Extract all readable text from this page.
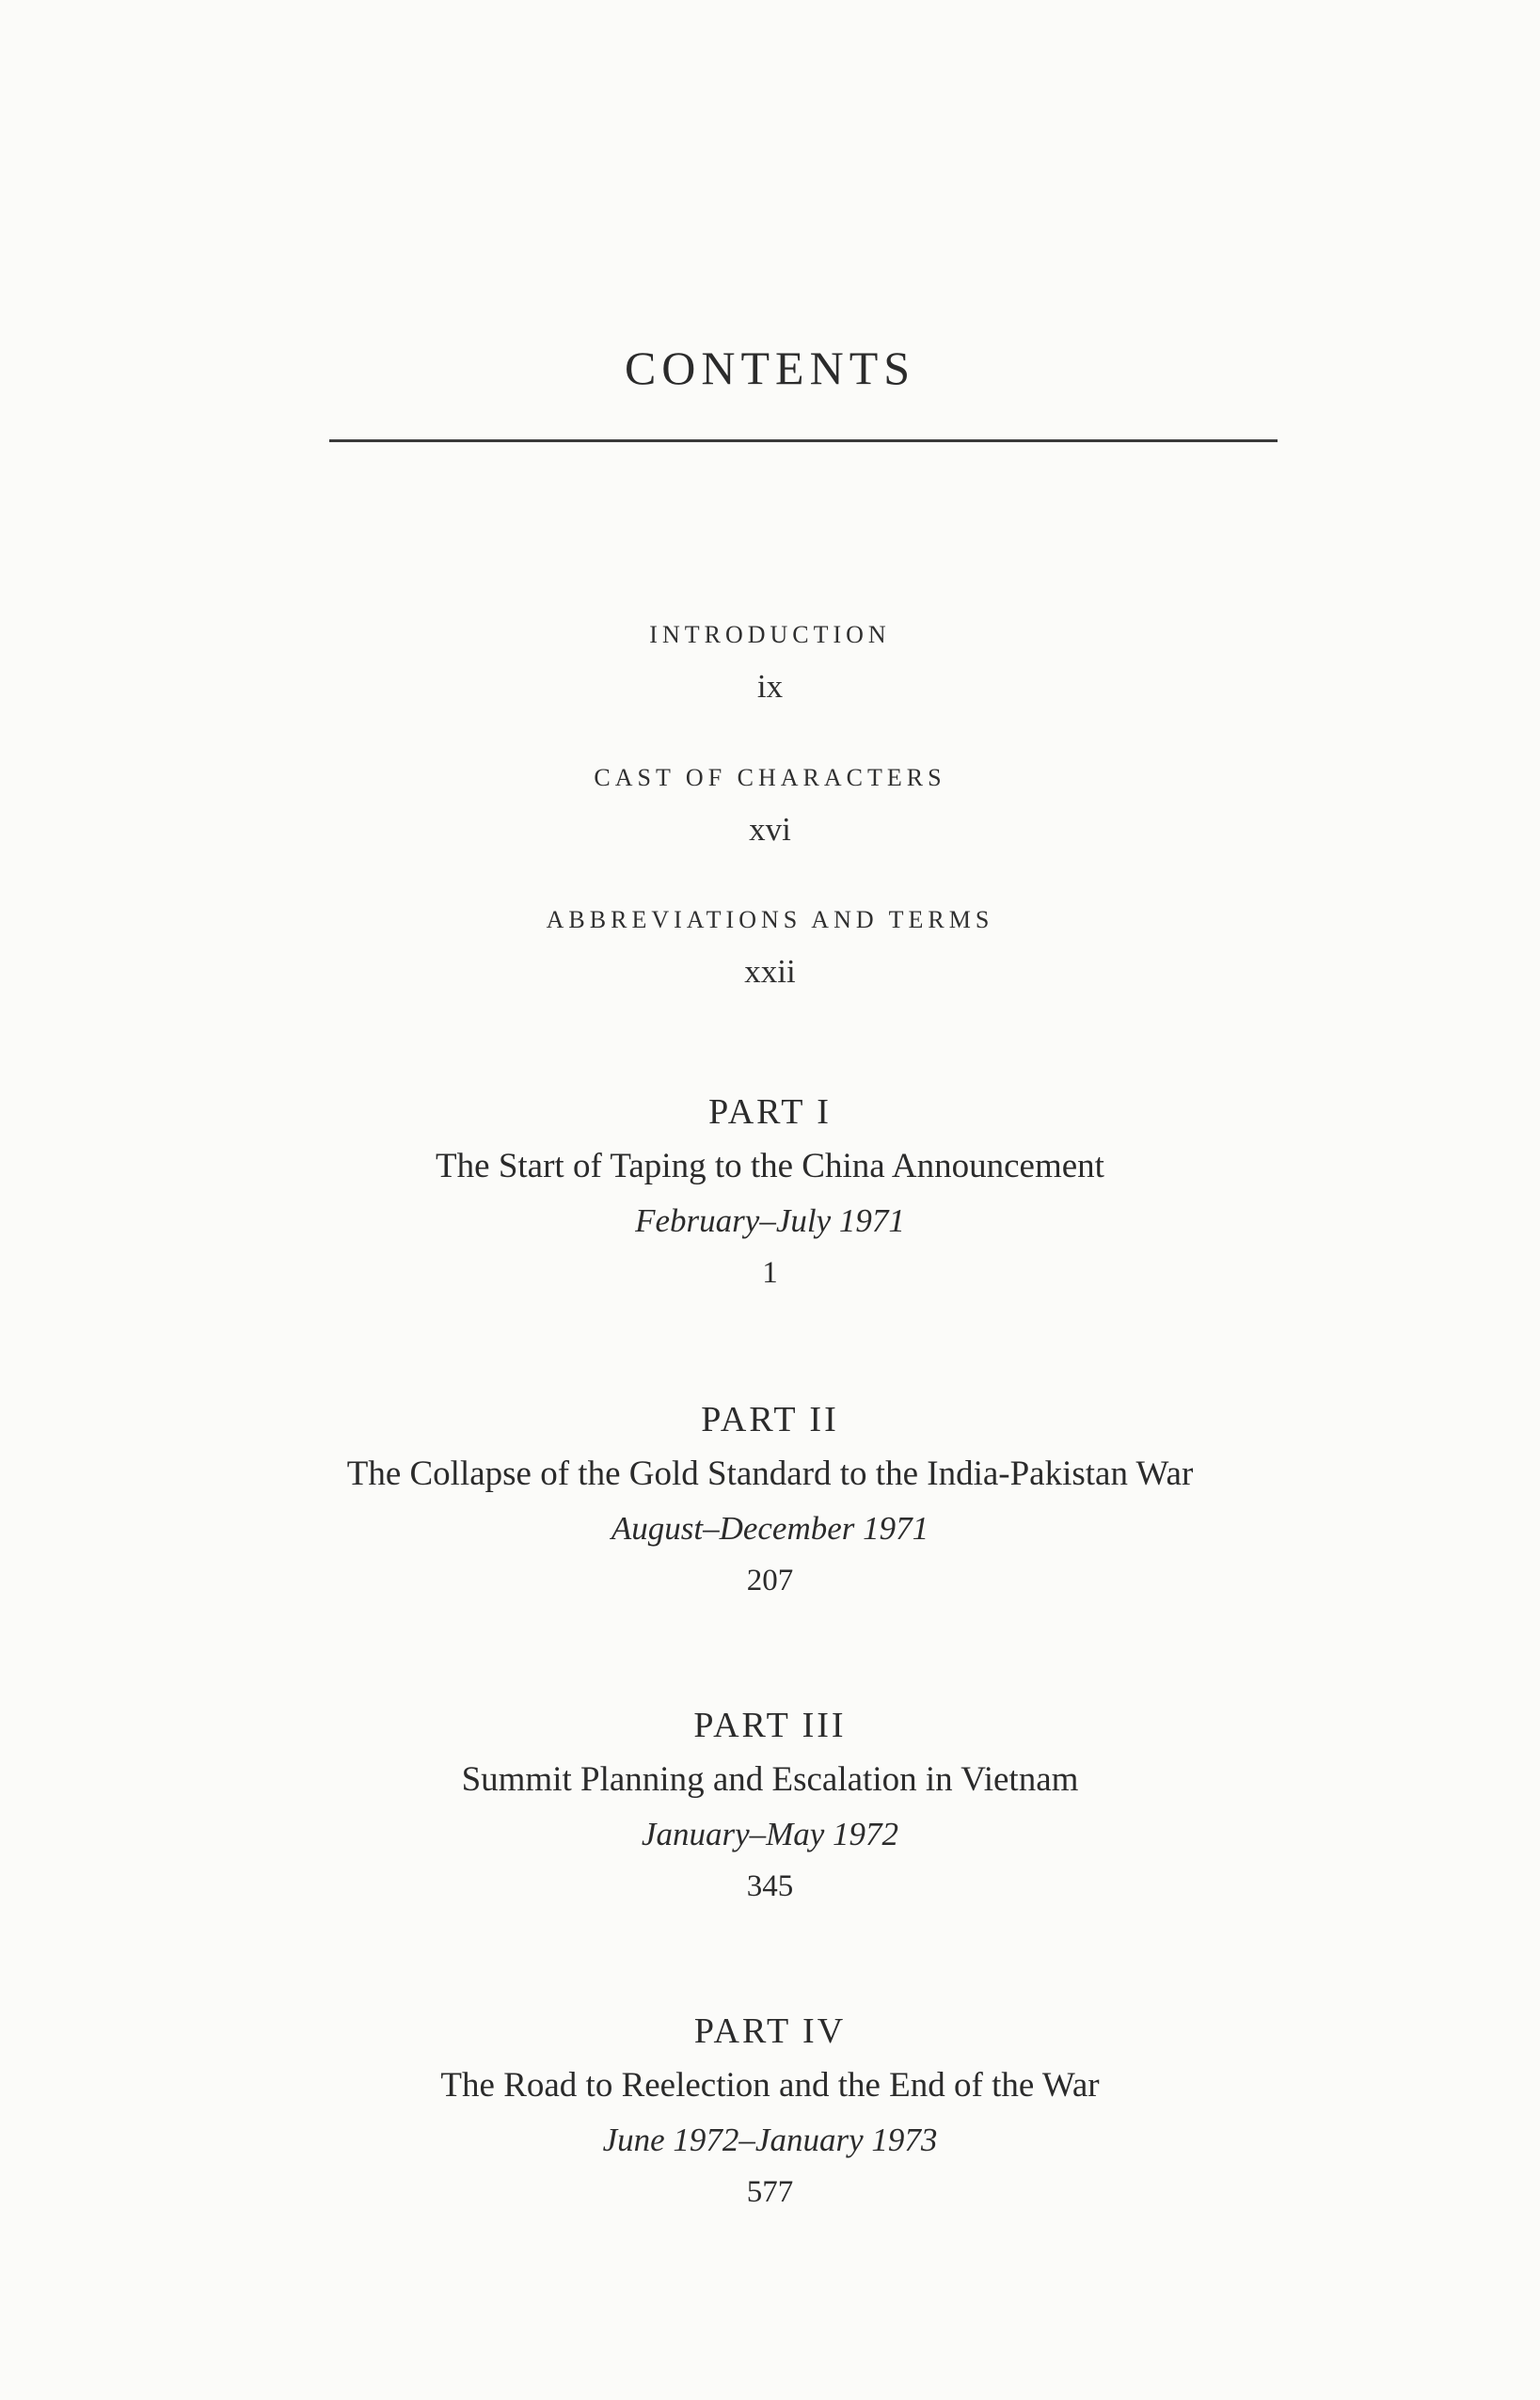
CONTENTS
INTRODUCTION
ix
CAST OF CHARACTERS
xvi
ABBREVIATIONS AND TERMS
xxii
PART I
The Start of Taping to the China Announcement
February–July 1971
1
PART II
The Collapse of the Gold Standard to the India-Pakistan War
August–December 1971
207
PART III
Summit Planning and Escalation in Vietnam
January–May 1972
345
PART IV
The Road to Reelection and the End of the War
June 1972–January 1973
577
